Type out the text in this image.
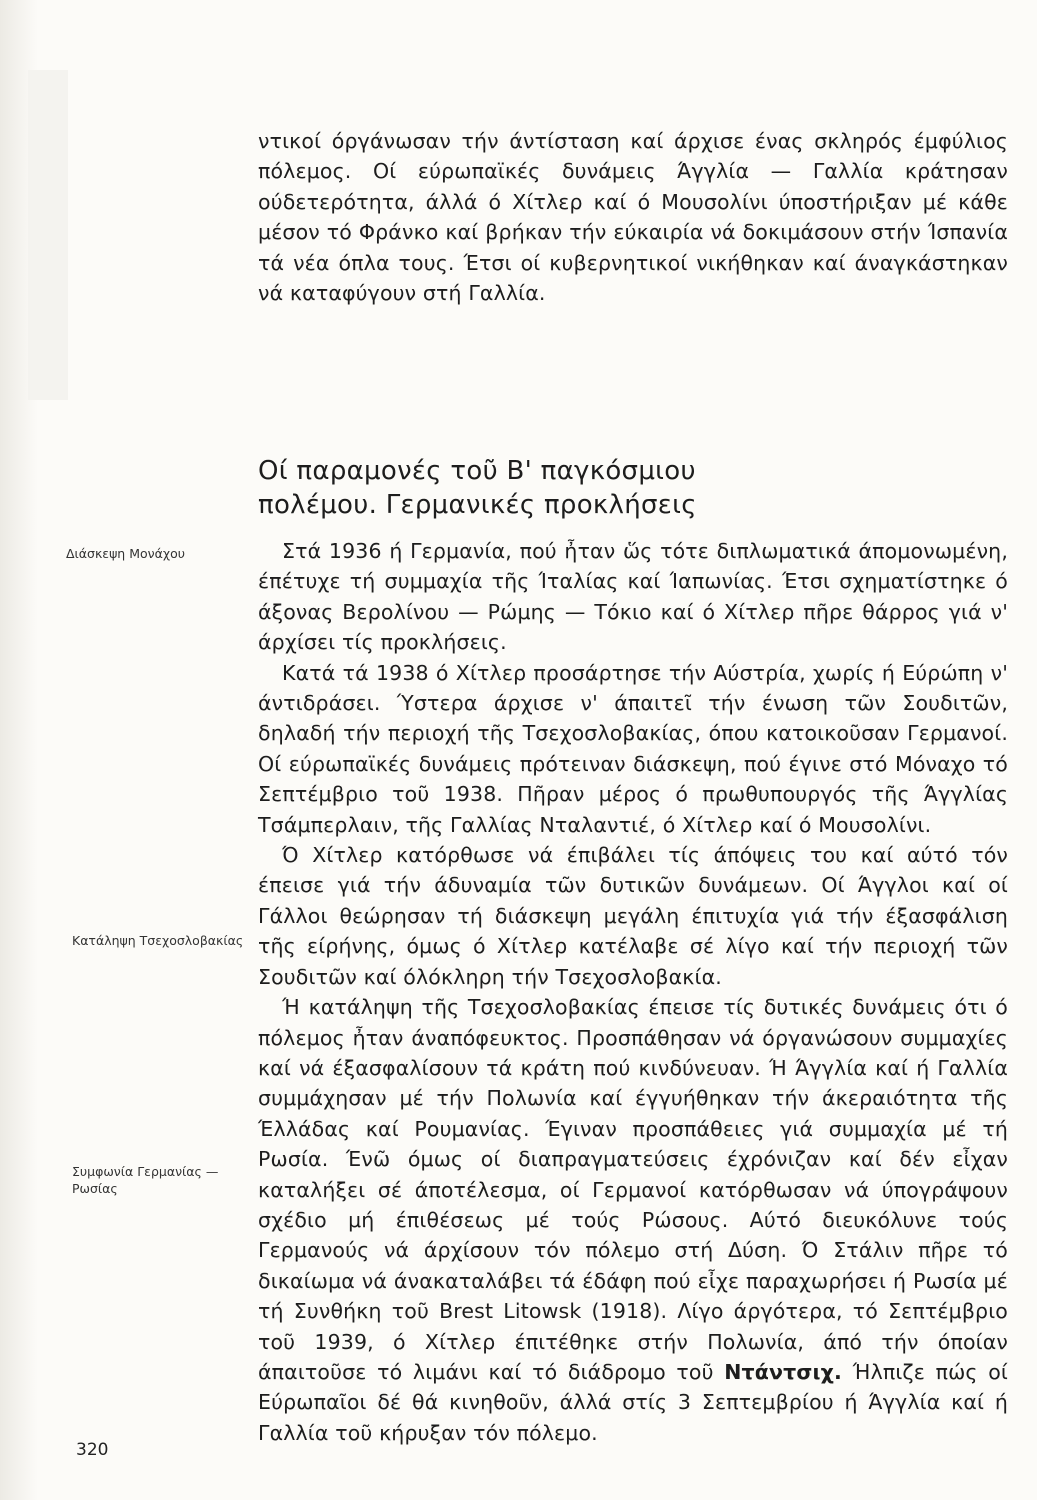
ντικοί όργάνωσαν τήν άντίσταση καί άρχισε ένας σκληρός έμφύλιος πόλεμος. Οί εύρωπαϊκές δυνάμεις Άγγλία — Γαλλία κράτησαν ούδετερότητα, άλλά ό Χίτλερ καί ό Μουσολίνι ύποστήριξαν μέ κάθε μέσον τό Φράνκο καί βρήκαν τήν εύκαιρία νά δοκιμάσουν στήν Ίσπανία τά νέα όπλα τους. Έτσι οί κυβερνητικοί νικήθηκαν καί άναγκάστηκαν νά καταφύγουν στή Γαλλία.

Οί παραμονές τοῦ Β' παγκόσμιου
πολέμου. Γερμανικές προκλήσεις

Στά 1936 ή Γερμανία, πού ἦταν ὥς τότε διπλωματικά άπομονωμένη, έπέτυχε τή συμμαχία τῆς Ίταλίας καί Ίαπωνίας. Έτσι σχηματίστηκε ό άξονας Βερολίνου — Ρώμης — Τόκιο καί ό Χίτλερ πῆρε θάρρος γιά ν' άρχίσει τίς προκλήσεις.

Κατά τά 1938 ό Χίτλερ προσάρτησε τήν Αύστρία, χωρίς ή Εύρώπη ν' άντιδράσει. Ύστερα άρχισε ν' άπαιτεῖ τήν ένωση τῶν Σουδιτῶν, δηλαδή τήν περιοχή τῆς Τσεχοσλοβακίας, όπου κατοικοῦσαν Γερμανοί. Οί εύρωπαϊκές δυνάμεις πρότειναν διάσκεψη, πού έγινε στό Μόναχο τό Σεπτέμβριο τοῦ 1938. Πῆραν μέρος ό πρωθυπουργός τῆς Άγγλίας Τσάμπερλαιν, τῆς Γαλλίας Νταλαντιέ, ό Χίτλερ καί ό Μουσολίνι.

Ό Χίτλερ κατόρθωσε νά έπιβάλει τίς άπόψεις του καί αύτό τόν έπεισε γιά τήν άδυναμία τῶν δυτικῶν δυνάμεων. Οί Άγγλοι καί οί Γάλλοι θεώρησαν τή διάσκεψη μεγάλη έπιτυχία γιά τήν έξασφάλιση τῆς είρήνης, όμως ό Χίτλερ κατέλαβε σέ λίγο καί τήν περιοχή τῶν Σουδιτῶν καί όλόκληρη τήν Τσεχοσλοβακία.

Ή κατάληψη τῆς Τσεχοσλοβακίας έπεισε τίς δυτικές δυνάμεις ότι ό πόλεμος ἦταν άναπόφευκτος. Προσπάθησαν νά όργανώσουν συμμαχίες καί νά έξασφαλίσουν τά κράτη πού κινδύνευαν. Ή Άγγλία καί ή Γαλλία συμμάχησαν μέ τήν Πολωνία καί έγγυήθηκαν τήν άκεραιότητα τῆς Έλλάδας καί Ρουμανίας. Έγιναν προσπάθειες γιά συμμαχία μέ τή Ρωσία. Ένῶ όμως οί διαπραγματεύσεις έχρόνιζαν καί δέν εἶχαν καταλήξει σέ άποτέλεσμα, οί Γερμανοί κατόρθωσαν νά ύπογράψουν σχέδιο μή έπιθέσεως μέ τούς Ρώσους. Αύτό διευκόλυνε τούς Γερμανούς νά άρχίσουν τόν πόλεμο στή Δύση. Ό Στάλιν πῆρε τό δικαίωμα νά άνακαταλάβει τά έδάφη πού εἶχε παραχωρήσει ή Ρωσία μέ τή Συνθήκη τοῦ Brest Litowsk (1918). Λίγο άργότερα, τό Σεπτέμβριο τοῦ 1939, ό Χίτλερ έπιτέθηκε στήν Πολωνία, άπό τήν όποίαν άπαιτοῦσε τό λιμάνι καί τό διάδρομο τοῦ Ντάντσιχ. Ήλπιζε πώς οί Εύρωπαῖοι δέ θά κινηθοῦν, άλλά στίς 3 Σεπτεμβρίου ή Άγγλία καί ή Γαλλία τοῦ κήρυξαν τόν πόλεμο.

Διάσκεψη Μονάχου
Κατάληψη Τσεχοσλοβακίας
Συμφωνία Γερμανίας — Ρωσίας
320
